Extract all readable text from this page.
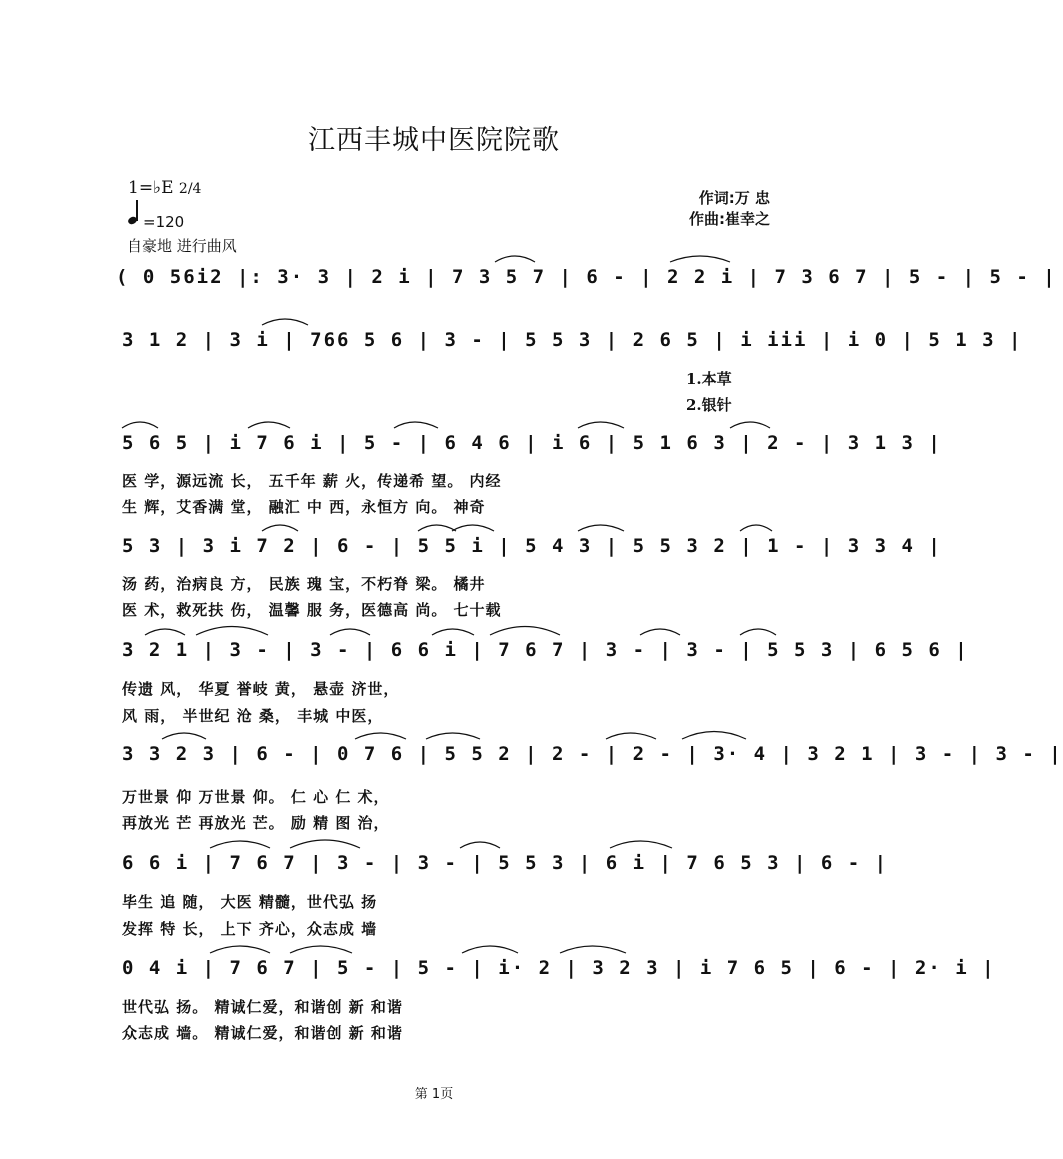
江西丰城中医院院歌
1=♭E 2/4
=120
自豪地 进行曲风
作词:万 忠
作曲:崔幸之
( 0 56i2 |: 3· 3 | 2 i | 7 3 5 7 | 6 - | 2 2 i | 7 3 6 7 | 5 - | 5 - |
3 1 2 | 3 i | 766 5 6 | 3 - | 5 5 3 | 2 6 5 | i iii | i 0 | 5 1 3 |
1.本草
2.银针
5 6 5 | i 7 6 i | 5 - | 6 4 6 | i 6 | 5 1 6 3 | 2 - | 3 1 3 |
医 学，源远流 长， 五千年 薪 火，传递希 望。 内经
生 辉，艾香满 堂， 融汇 中 西，永恒方 向。 神奇
5 3 | 3 i 7 2 | 6 - | 5 5 i | 5 4 3 | 5 5 3 2 | 1 - | 3 3 4 |
汤 药，治病良 方， 民族 瑰 宝，不朽脊 梁。 橘井
医 术，救死扶 伤， 温馨 服 务，医德高 尚。 七十载
3 2 1 | 3 - | 3 - | 6 6 i | 7 6 7 | 3 - | 3 - | 5 5 3 | 6 5 6 |
传遗 风， 华夏 誉岐 黄， 悬壶 济世，
风 雨， 半世纪 沧 桑， 丰城 中医，
3 3 2 3 | 6 - | 0 7 6 | 5 5 2 | 2 - | 2 - | 3· 4 | 3 2 1 | 3 - | 3 - |
万世景 仰 万世景 仰。 仁 心 仁 术，
再放光 芒 再放光 芒。 励 精 图 治，
6 6 i | 7 6 7 | 3 - | 3 - | 5 5 3 | 6 i | 7 6 5 3 | 6 - |
毕生 追 随， 大医 精髓，世代弘 扬
发挥 特 长， 上下 齐心，众志成 墙
0 4 i | 7 6 7 | 5 - | 5 - | i· 2 | 3 2 3 | i 7 6 5 | 6 - | 2· i |
世代弘 扬。 精诚仁爱，和谐创 新 和谐
众志成 墙。 精诚仁爱，和谐创 新 和谐
第 1页
